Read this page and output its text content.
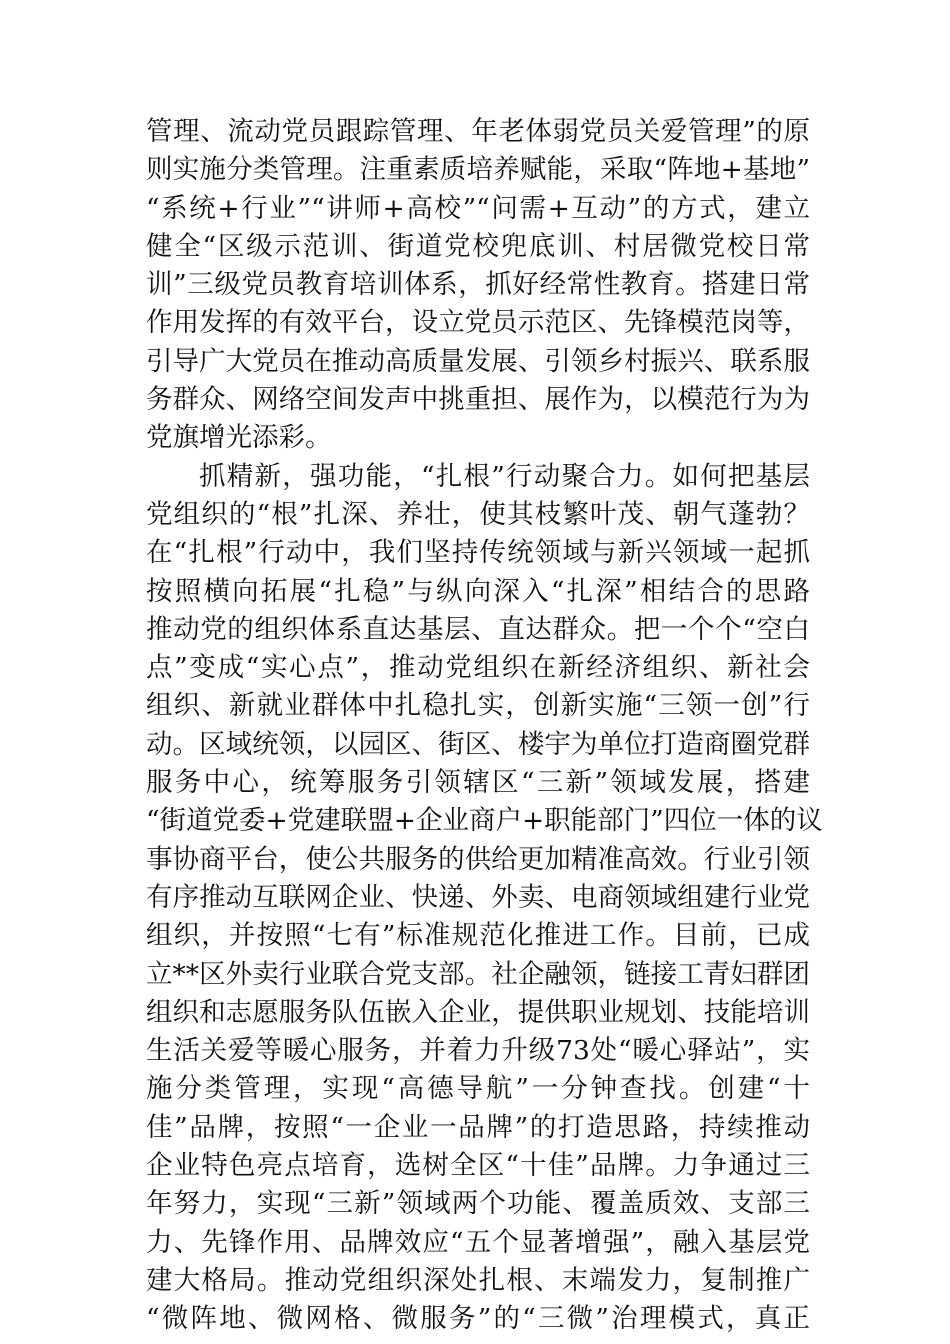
管理、流动党员跟踪管理、年老体弱党员关爱管理”的原
则实施分类管理。注重素质培养赋能，采取“阵地+基地”
“系统+行业”“讲师+高校”“问需+互动”的方式，建立
健全“区级示范训、街道党校兜底训、村居微党校日常
训”三级党员教育培训体系，抓好经常性教育。搭建日常
作用发挥的有效平台，设立党员示范区、先锋模范岗等，
引导广大党员在推动高质量发展、引领乡村振兴、联系服
务群众、网络空间发声中挑重担、展作为，以模范行为为
党旗增光添彩。
抓精新，强功能，“扎根”行动聚合力。如何把基层
党组织的“根”扎深、养壮，使其枝繁叶茂、朝气蓬勃？
在“扎根”行动中，我们坚持传统领域与新兴领域一起抓
按照横向拓展“扎稳”与纵向深入“扎深”相结合的思路
推动党的组织体系直达基层、直达群众。把一个个“空白
点”变成“实心点”，推动党组织在新经济组织、新社会
组织、新就业群体中扎稳扎实，创新实施“三领一创”行
动。区域统领，以园区、街区、楼宇为单位打造商圈党群
服务中心，统筹服务引领辖区“三新”领域发展，搭建
“街道党委+党建联盟+企业商户+职能部门”四位一体的议
事协商平台，使公共服务的供给更加精准高效。行业引领
有序推动互联网企业、快递、外卖、电商领域组建行业党
组织，并按照“七有”标准规范化推进工作。目前，已成
立**区外卖行业联合党支部。社企融领，链接工青妇群团
组织和志愿服务队伍嵌入企业，提供职业规划、技能培训
生活关爱等暖心服务，并着力升级73处“暖心驿站”，实
施分类管理，实现“高德导航”一分钟查找。创建“十
佳”品牌，按照“一企业一品牌”的打造思路，持续推动
企业特色亮点培育，选树全区“十佳”品牌。力争通过三
年努力，实现“三新”领域两个功能、覆盖质效、支部三
力、先锋作用、品牌效应“五个显著增强”，融入基层党
建大格局。推动党组织深处扎根、末端发力，复制推广
“微阵地、微网格、微服务”的“三微”治理模式，真正
